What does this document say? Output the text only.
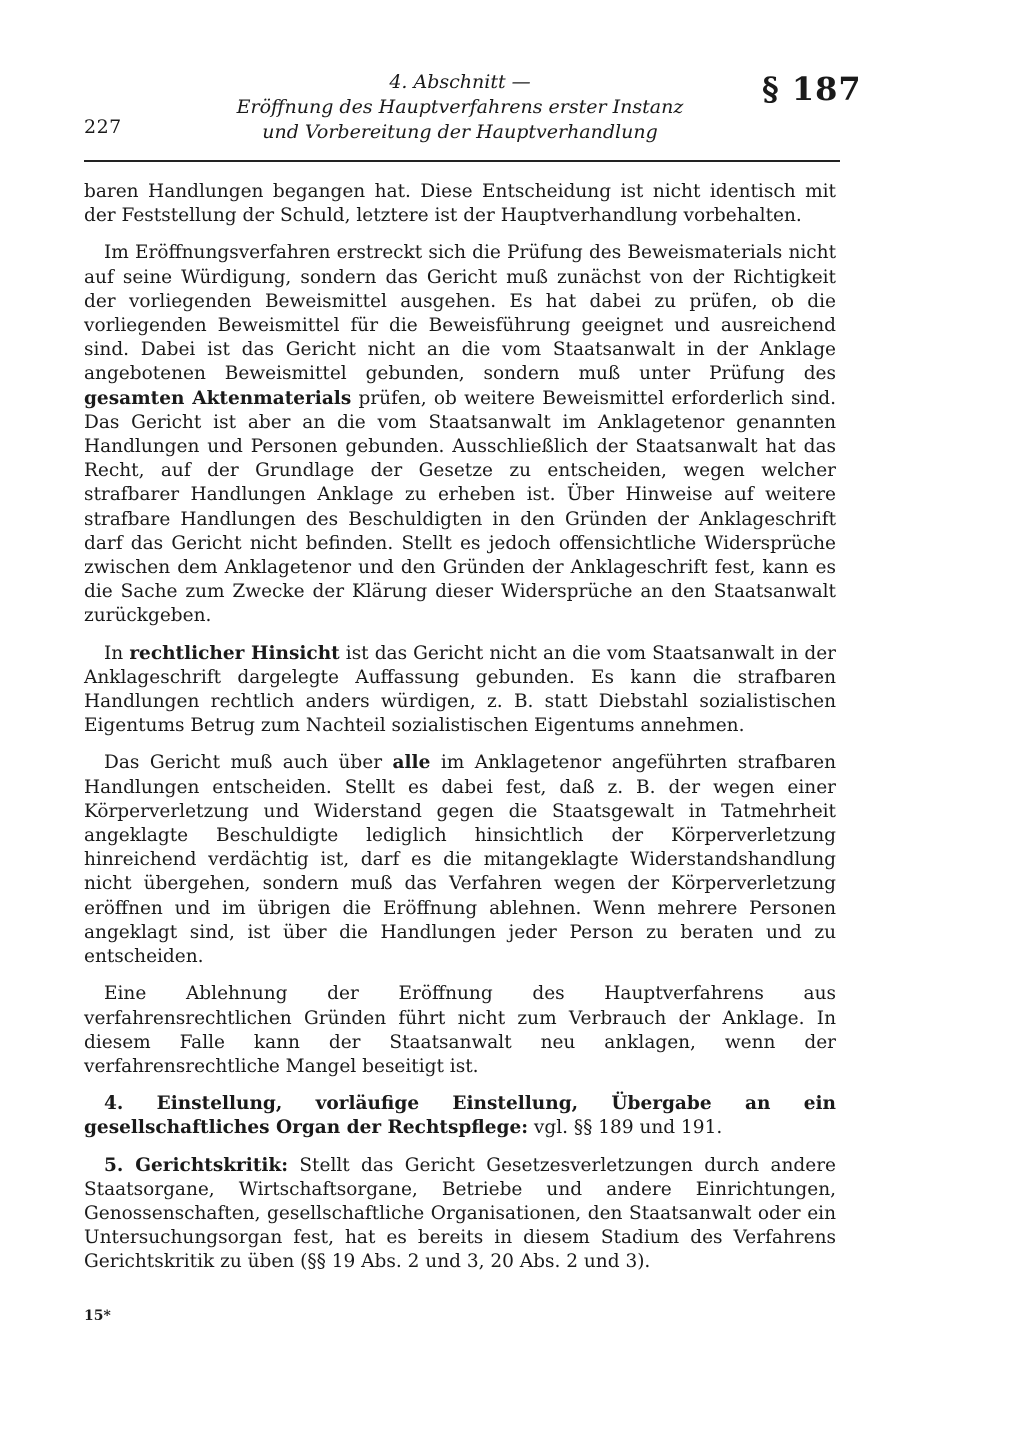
227
4. Abschnitt —
Eröffnung des Hauptverfahrens erster Instanz
und Vorbereitung der Hauptverhandlung
§ 187

baren Handlungen begangen hat. Diese Entscheidung ist nicht identisch mit der Feststellung der Schuld, letztere ist der Hauptverhandlung vorbehalten.

Im Eröffnungsverfahren erstreckt sich die Prüfung des Beweismaterials nicht auf seine Würdigung, sondern das Gericht muß zunächst von der Richtigkeit der vorliegenden Beweismittel ausgehen. Es hat dabei zu prüfen, ob die vorliegenden Beweismittel für die Beweisführung geeignet und ausreichend sind. Dabei ist das Gericht nicht an die vom Staatsanwalt in der Anklage angebotenen Beweismittel gebunden, sondern muß unter Prüfung des gesamten Aktenmaterials prüfen, ob weitere Beweismittel erforderlich sind. Das Gericht ist aber an die vom Staatsanwalt im Anklagetenor genannten Handlungen und Personen gebunden. Ausschließlich der Staatsanwalt hat das Recht, auf der Grundlage der Gesetze zu entscheiden, wegen welcher strafbarer Handlungen Anklage zu erheben ist. Über Hinweise auf weitere strafbare Handlungen des Beschuldigten in den Gründen der Anklageschrift darf das Gericht nicht befinden. Stellt es jedoch offensichtliche Widersprüche zwischen dem Anklagetenor und den Gründen der Anklageschrift fest, kann es die Sache zum Zwecke der Klärung dieser Widersprüche an den Staatsanwalt zurückgeben.

In rechtlicher Hinsicht ist das Gericht nicht an die vom Staatsanwalt in der Anklageschrift dargelegte Auffassung gebunden. Es kann die strafbaren Handlungen rechtlich anders würdigen, z. B. statt Diebstahl sozialistischen Eigentums Betrug zum Nachteil sozialistischen Eigentums annehmen.

Das Gericht muß auch über alle im Anklagetenor angeführten strafbaren Handlungen entscheiden. Stellt es dabei fest, daß z. B. der wegen einer Körperverletzung und Widerstand gegen die Staatsgewalt in Tatmehrheit angeklagte Beschuldigte lediglich hinsichtlich der Körperverletzung hinreichend verdächtig ist, darf es die mitangeklagte Widerstandshandlung nicht übergehen, sondern muß das Verfahren wegen der Körperverletzung eröffnen und im übrigen die Eröffnung ablehnen. Wenn mehrere Personen angeklagt sind, ist über die Handlungen jeder Person zu beraten und zu entscheiden.

Eine Ablehnung der Eröffnung des Hauptverfahrens aus verfahrensrechtlichen Gründen führt nicht zum Verbrauch der Anklage. In diesem Falle kann der Staatsanwalt neu anklagen, wenn der verfahrensrechtliche Mangel beseitigt ist.

4. Einstellung, vorläufige Einstellung, Übergabe an ein gesellschaftliches Organ der Rechtspflege: vgl. §§ 189 und 191.

5. Gerichtskritik: Stellt das Gericht Gesetzesverletzungen durch andere Staatsorgane, Wirtschaftsorgane, Betriebe und andere Einrichtungen, Genossenschaften, gesellschaftliche Organisationen, den Staatsanwalt oder ein Untersuchungsorgan fest, hat es bereits in diesem Stadium des Verfahrens Gerichtskritik zu üben (§§ 19 Abs. 2 und 3, 20 Abs. 2 und 3).

15*
